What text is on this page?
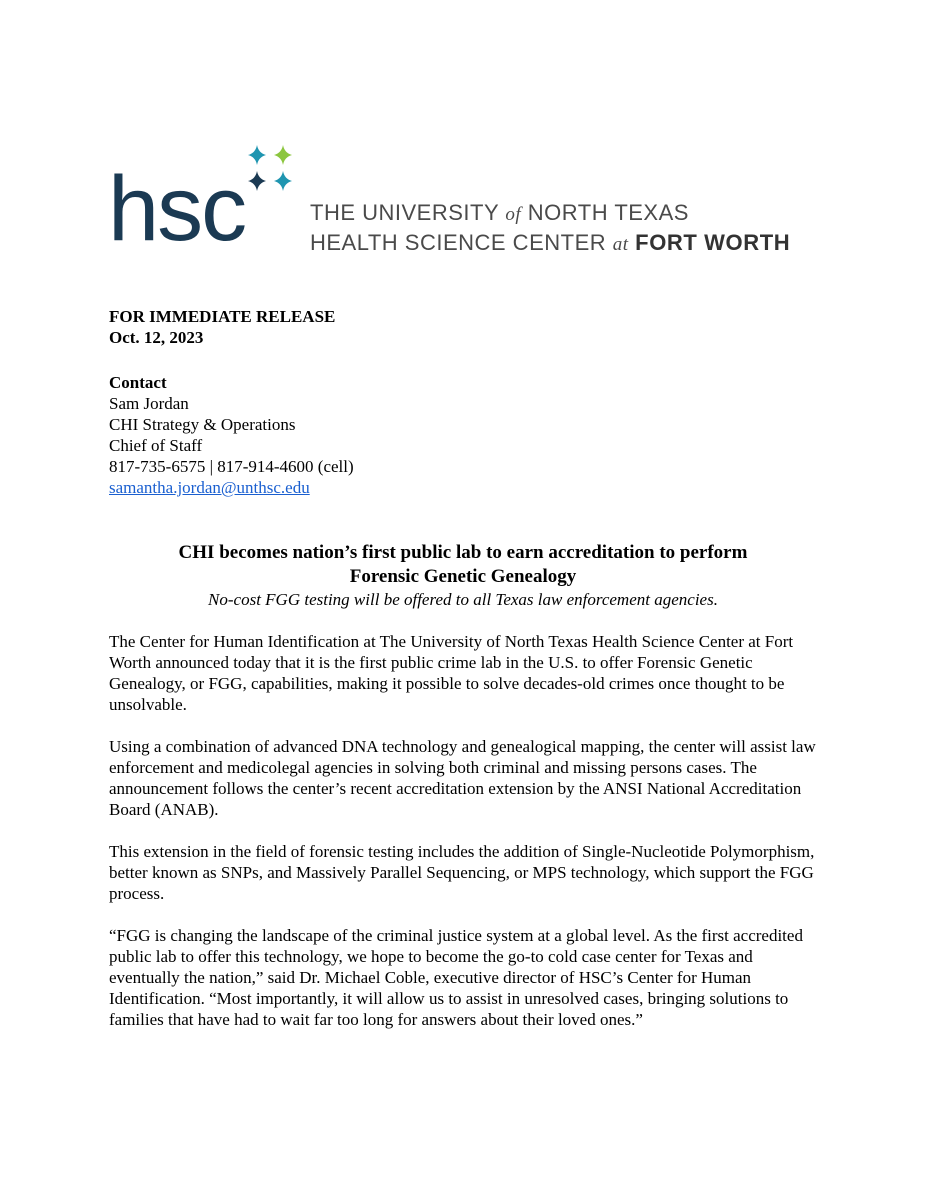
hsc	THE UNIVERSITY of NORTH TEXAS
HEALTH SCIENCE CENTER at FORT WORTH
FOR IMMEDIATE RELEASE
Oct. 12, 2023
Contact
Sam Jordan
CHI Strategy & Operations
Chief of Staff
817-735-6575 | 817-914-4600 (cell)
samantha.jordan@unthsc.edu
CHI becomes nation’s first public lab to earn accreditation to perform
Forensic Genetic Genealogy
No-cost FGG testing will be offered to all Texas law enforcement agencies.

The Center for Human Identification at The University of North Texas Health Science Center at Fort Worth announced today that it is the first public crime lab in the U.S. to offer Forensic Genetic Genealogy, or FGG, capabilities, making it possible to solve decades-old crimes once thought to be unsolvable.

Using a combination of advanced DNA technology and genealogical mapping, the center will assist law enforcement and medicolegal agencies in solving both criminal and missing persons cases. The announcement follows the center’s recent accreditation extension by the ANSI National Accreditation Board (ANAB).

This extension in the field of forensic testing includes the addition of Single-Nucleotide Polymorphism, better known as SNPs, and Massively Parallel Sequencing, or MPS technology, which support the FGG process.

“FGG is changing the landscape of the criminal justice system at a global level. As the first accredited public lab to offer this technology, we hope to become the go-to cold case center for Texas and eventually the nation,” said Dr. Michael Coble, executive director of HSC’s Center for Human Identification. “Most importantly, it will allow us to assist in unresolved cases, bringing solutions to families that have had to wait far too long for answers about their loved ones.”
